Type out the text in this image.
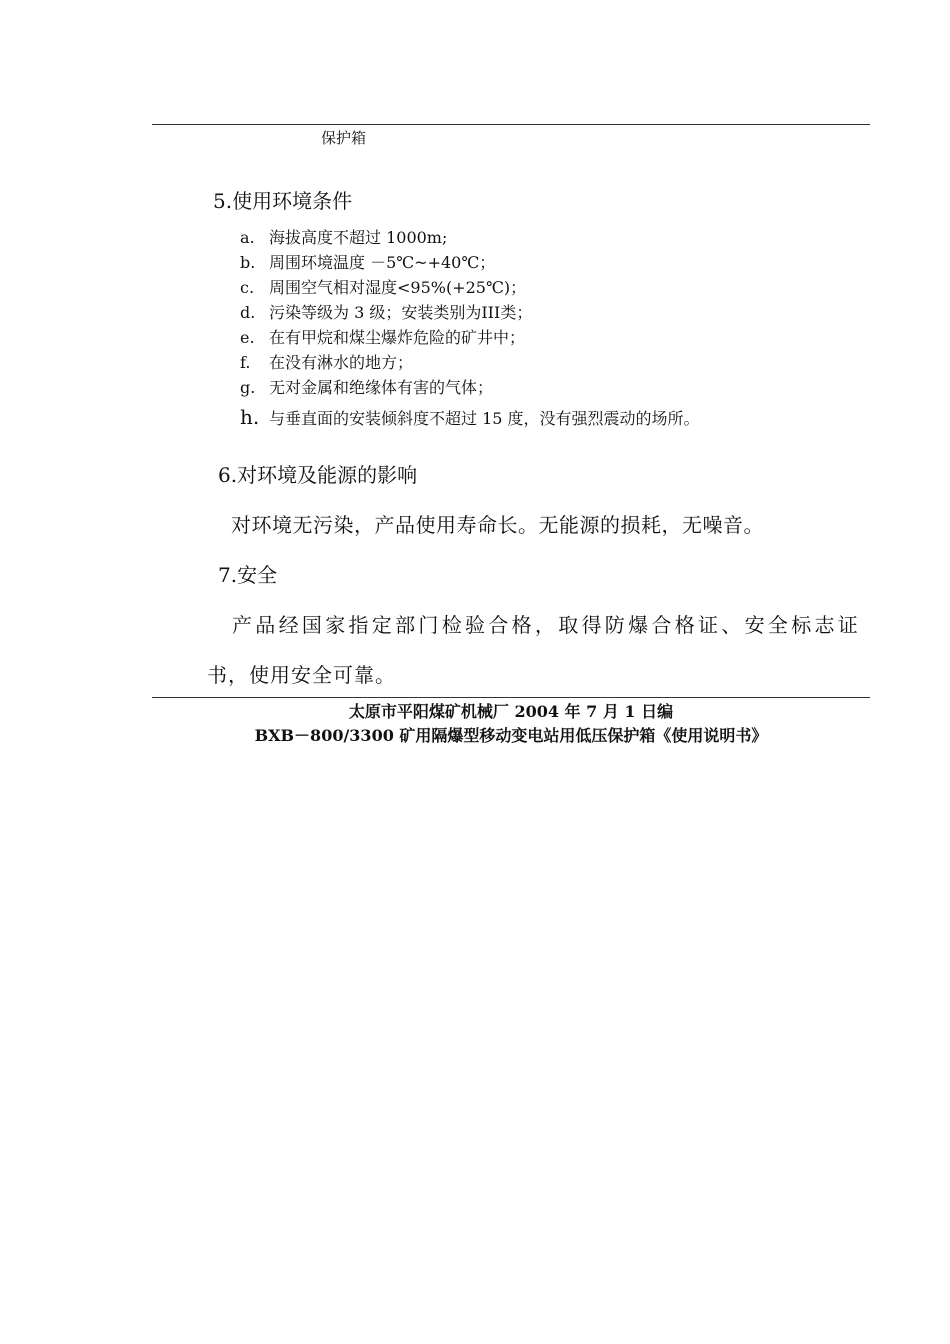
保护箱
5.使用环境条件
a. 海拔高度不超过 1000m;
b. 周围环境温度 －5℃~+40℃；
c. 周围空气相对湿度<95%(+25℃)；
d. 污染等级为 3 级；安装类别为III类；
e. 在有甲烷和煤尘爆炸危险的矿井中；
f. 在没有淋水的地方；
g. 无对金属和绝缘体有害的气体；
h. 与垂直面的安装倾斜度不超过 15 度，没有强烈震动的场所。
6.对环境及能源的影响
对环境无污染，产品使用寿命长。无能源的损耗，无噪音。
7.安全
产品经国家指定部门检验合格，取得防爆合格证、安全标志证
书，使用安全可靠。
太原市平阳煤矿机械厂 2004 年 7 月 1 日编
BXB－800/3300 矿用隔爆型移动变电站用低压保护箱《使用说明书》
